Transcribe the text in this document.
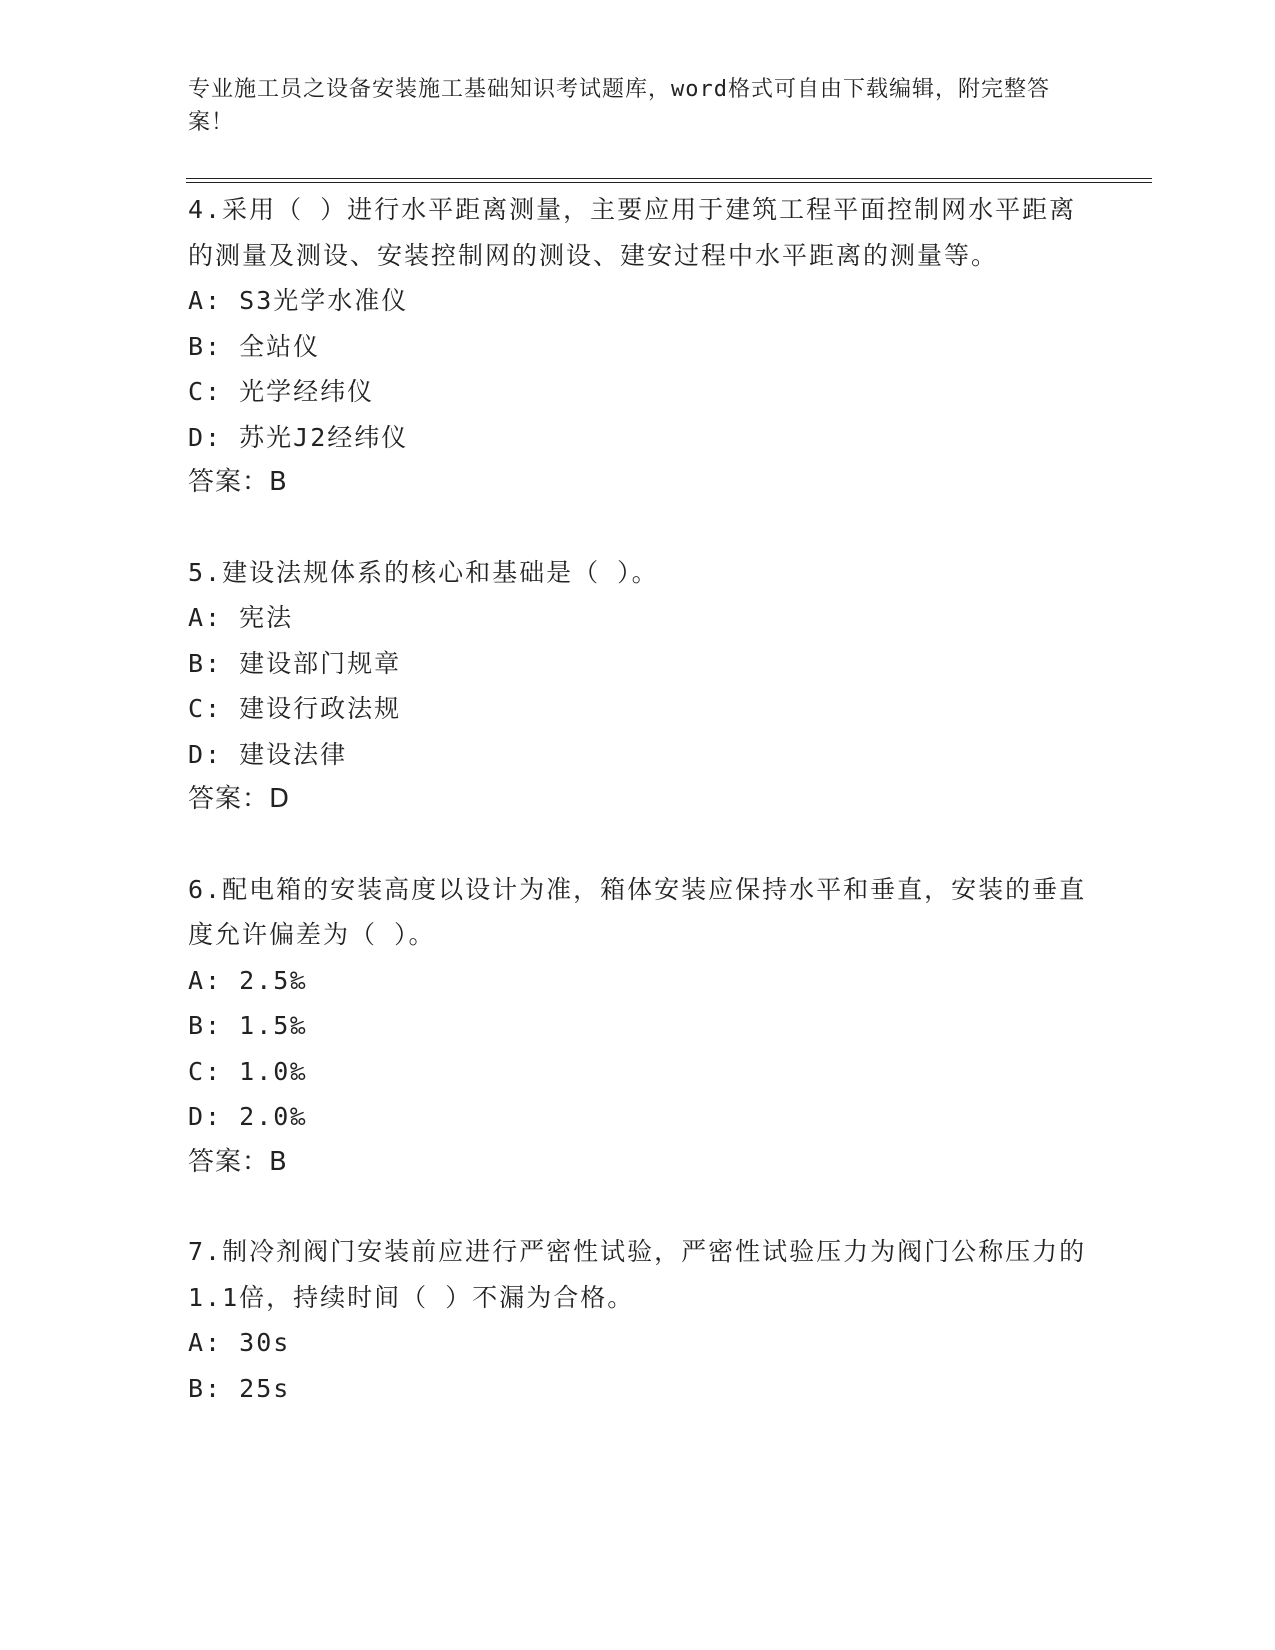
专业施工员之设备安装施工基础知识考试题库，word格式可自由下载编辑，附完整答案！
4.采用（ ）进行水平距离测量，主要应用于建筑工程平面控制网水平距离的测量及测设、安装控制网的测设、建安过程中水平距离的测量等。
A: S3光学水准仪
B: 全站仪
C: 光学经纬仪
D: 苏光J2经纬仪
答案：B
5.建设法规体系的核心和基础是（ ）。
A: 宪法
B: 建设部门规章
C: 建设行政法规
D: 建设法律
答案：D
6.配电箱的安装高度以设计为准，箱体安装应保持水平和垂直，安装的垂直度允许偏差为（ ）。
A: 2.5‰
B: 1.5‰
C: 1.0‰
D: 2.0‰
答案：B
7.制冷剂阀门安装前应进行严密性试验，严密性试验压力为阀门公称压力的1.1倍，持续时间（ ）不漏为合格。
A: 30s
B: 25s
